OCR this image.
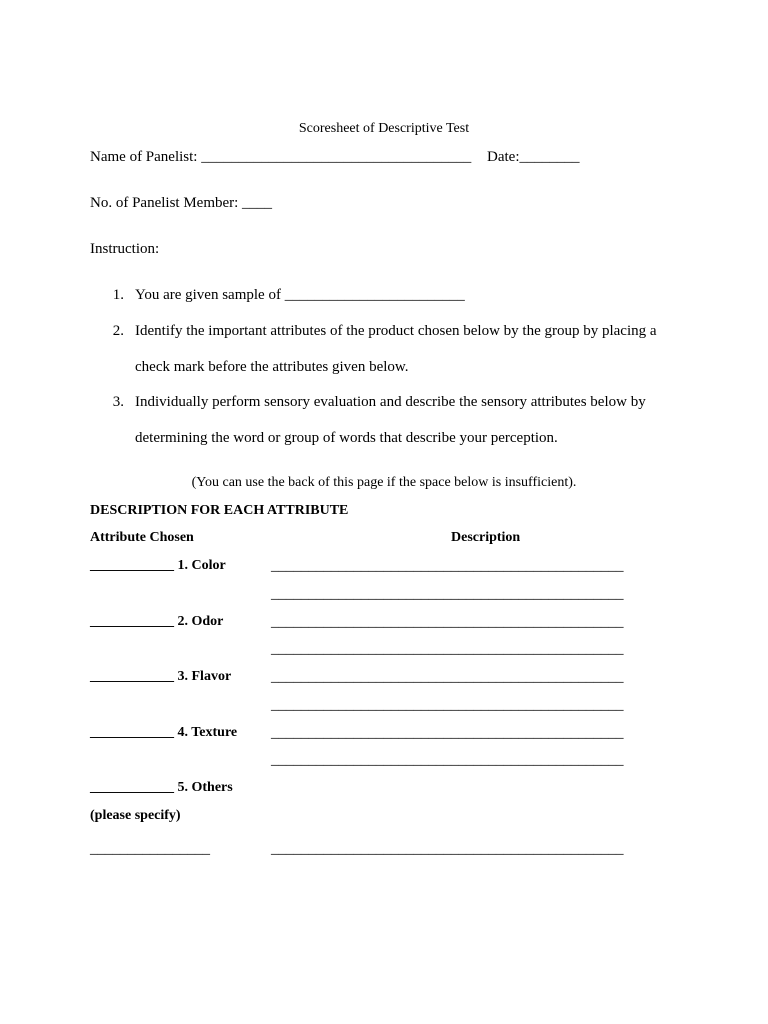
Scoresheet of Descriptive Test
Name of Panelist: ____________________________________ Date:________
No. of Panelist Member: ____
Instruction:
1. You are given sample of ________________________
2. Identify the important attributes of the product chosen below by the group by placing a
check mark before the attributes given below.
3. Individually perform sensory evaluation and describe the sensory attributes below by
determining the word or group of words that describe your perception.
(You can use the back of this page if the space below is insufficient).
DESCRIPTION FOR EACH ATTRIBUTE
Attribute Chosen	Description
____________ 1. Color	_______________________________________________
_______________________________________________
____________ 2. Odor	_______________________________________________
_______________________________________________
____________ 3. Flavor	_______________________________________________
_______________________________________________
____________ 4. Texture _______________________________________________
_______________________________________________
____________ 5. Others
(please specify)
________________	_______________________________________________
